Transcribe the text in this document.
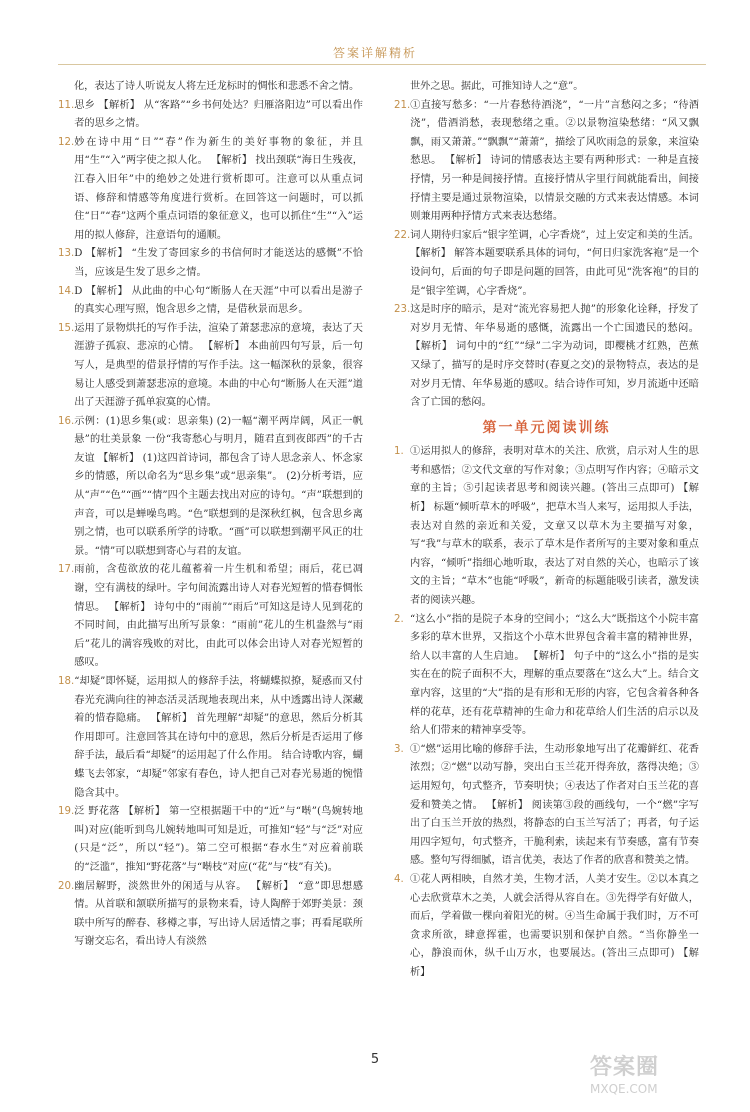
答案详解精析
化，表达了诗人听说友人将左迁龙标时的惆怅和悲悉不舍之情。
11. 思乡 【解析】 从“客路”“乡书何处达？归雁洛阳边”可以看出作者的思乡之情。
12. 妙在诗中用“日”“春”作为新生的美好事物的象征，并且用“生”“入”两字使之拟人化。 【解析】 找出颈联“海日生残夜，江春入旧年”中的绝妙之处进行赏析即可。注意可以从重点词语、修辞和情感等角度进行赏析。在回答这一问题时，可以抓住“日”“春”这两个重点词语的象征意义，也可以抓住“生”“入”运用的拟人修辞，注意语句的通顺。
13. D 【解析】 “生发了寄回家乡的书信何时才能送达的感慨”不恰当，应该是生发了思乡之情。
14. D 【解析】 从此曲的中心句“断肠人在天涯”中可以看出是游子的真实心理写照，饱含思乡之情，是借秋景而思乡。
15. 运用了景物烘托的写作手法，渲染了萧瑟悲凉的意境，表达了天涯游子孤寂、悲凉的心情。 【解析】 本曲前四句写景，后一句写人，是典型的借景抒情的写作手法。这一幅深秋的景象，很容易让人感受到萧瑟悲凉的意境。本曲的中心句“断肠人在天涯”道出了天涯游子孤单寂寞的心情。
16. 示例：(1)思乡集(或：思亲集) (2)一幅“潮平两岸阔，风正一帆悬”的壮美景象 一份“我寄愁心与明月，随君直到夜郎西”的千古友谊 【解析】 (1)这四首诗词，都包含了诗人思念亲人、怀念家乡的情感，所以命名为“思乡集”或“思亲集”。 (2)分析考语，应从“声”“色”“画”“情”四个主题去找出对应的诗句。“声”联想到的声音，可以是蝉噪鸟鸣。“色”联想到的是深秋红枫，包含思乡离别之情，也可以联系所学的诗歌。“画”可以联想到潮平风正的壮景。“情”可以联想到寄心与君的友谊。
17. 雨前，含苞欲放的花儿蕴蓄着一片生机和希望；雨后，花已凋谢，空有满枝的绿叶。字句间流露出诗人对春光短暂的惜春惆怅情思。 【解析】 诗句中的“雨前”“雨后”可知这是诗人见到花的不同时间，由此描写出所写景象：“雨前”花儿的生机盎然与“雨后”花儿的满容残败的对比，由此可以体会出诗人对春光短暂的感叹。
18. “却疑”即怀疑，运用拟人的修辞手法，将蝴蝶拟撩，疑惑而又付春光充满向往的神态活灵活现地表现出来，从中透露出诗人深藏着的惜春隐痛。 【解析】 首先理解“却疑”的意思，然后分析其作用即可。注意回答其在诗句中的意思，然后分析是否运用了修辞手法，最后看“却疑”的运用起了什么作用。 结合诗歌内容，蝴蝶飞去邻家，“却疑”邻家有春色，诗人把自己对春光易逝的惋惜隐含其中。
19. 泛 野花落 【解析】 第一空根据题干中的“近”与“啭”(鸟婉转地叫)对应(能听到鸟儿婉转地叫可知是近，可推知“轻”与“泛”对应(只是“泛”，所以“轻”)。第二空可根据“春水生”对应着前联的“泛滥”，推知“野花落”与“啭枝”对应(“花”与“枝”有关)。
20. 幽居解野，淡然世外的闲适与从容。 【解析】 “意”即思想感情。从首联和颔联所描写的景物来看，诗人陶醉于郊野美景：颈联中所写的醉春、移樽之事，写出诗人居适情之事；再看尾联所写谢交忘名，看出诗人有淡然
世外之思。据此，可推知诗人之“意”。
21. ①直接写愁多：“一片春愁待酒浇”，“一片”言愁闷之多；“待酒浇”，借酒消愁，表现愁绪之重。②以景物渲染愁绪：“风又飘飘，雨又萧萧。”“飘飘”“萧萧”，描绘了风吹雨急的景象，来渲染愁思。 【解析】 诗词的情感表达主要有两种形式：一种是直接抒情，另一种是间接抒情。直接抒情从字里行间就能看出，间接抒情主要是通过景物渲染，以情景交融的方式来表达情感。本词则兼用两种抒情方式来表达愁绪。
22. 词人期待归家后“银字笙调，心字香烧”，过上安定和美的生活。 【解析】 解答本题要联系具体的词句，“何日归家洗客袍”是一个设问句，后面的句子即是问题的回答，由此可见“洗客袍”的目的是“银字笙调，心字香烧”。
23. 这是时序的暗示，是对“流光容易把人抛”的形象化诠释，抒发了对岁月无情、年华易逝的感慨，流露出一个亡国遗民的愁闷。 【解析】 词句中的“红”“绿”二字为动词，即樱桃才红熟，芭蕉又绿了，描写的是时序交替时(春夏之交)的景物特点，表达的是对岁月无情、年华易逝的感叹。结合诗作可知，岁月流逝中还暗含了亡国的愁闷。
第一单元阅读训练
1. ①运用拟人的修辞，表明对草木的关注、欣赏，启示对人生的思考和感悟；②文代文章的写作对象；③点明写作内容；④暗示文章的主旨；⑤引起读者思考和阅读兴趣。(答出三点即可) 【解析】 标题“倾听草木的呼吸”，把草木当人来写，运用拟人手法，表达对自然的亲近和关爱，文章又以草木为主要描写对象，写“我”与草木的联系，表示了草木是作者所写的主要对象和重点内容，“倾听”指细心地听取，表达了对自然的关心，也暗示了该文的主旨；“草木”也能“呼吸”，新奇的标题能吸引读者，激发读者的阅读兴趣。
2. “这么小”指的是院子本身的空间小；“这么大”既指这个小院丰富多彩的草木世界，又指这个小草木世界包含着丰富的精神世界，给人以丰富的人生启迪。 【解析】 句子中的“这么小”指的是实实在在的院子面积不大，理解的重点要落在“这么大”上。结合文章内容，这里的“大”指的是有形和无形的内容，它包含着各种各样的花草，还有花草精神的生命力和花草给人们生活的启示以及给人们带来的精神享受等。
3. ①“燃”运用比喻的修辞手法，生动形象地写出了花瓣鲜红、花香浓烈；②“燃”以动写静，突出白玉兰花开得奔放，落得决绝；③运用短句，句式整齐，节奏明快；④表达了作者对白玉兰花的喜爱和赞美之情。 【解析】 阅读第③段的画线句，一个“燃”字写出了白玉兰开放的热烈，将静态的白玉兰写活了；再者，句子运用四字短句，句式整齐，干脆利索，读起来有节奏感，富有节奏感。整句写得细腻，语言优美，表达了作者的欣喜和赞美之情。
4. ①花人两相映，自然才美，生物才活，人美才安生。②以本真之心去欣赏草木之美，人就会活得从容自在。③先得学有好做人，而后，学着做一棵向着阳光的树。④当生命属于我们时，万不可贪求所欲，肆意挥霍，也需要识别和保护自然。“当你静坐一心，静浪而休，纵千山万水，也要展达。(答出三点即可) 【解析】
5	答案圈
MXQE.COM
